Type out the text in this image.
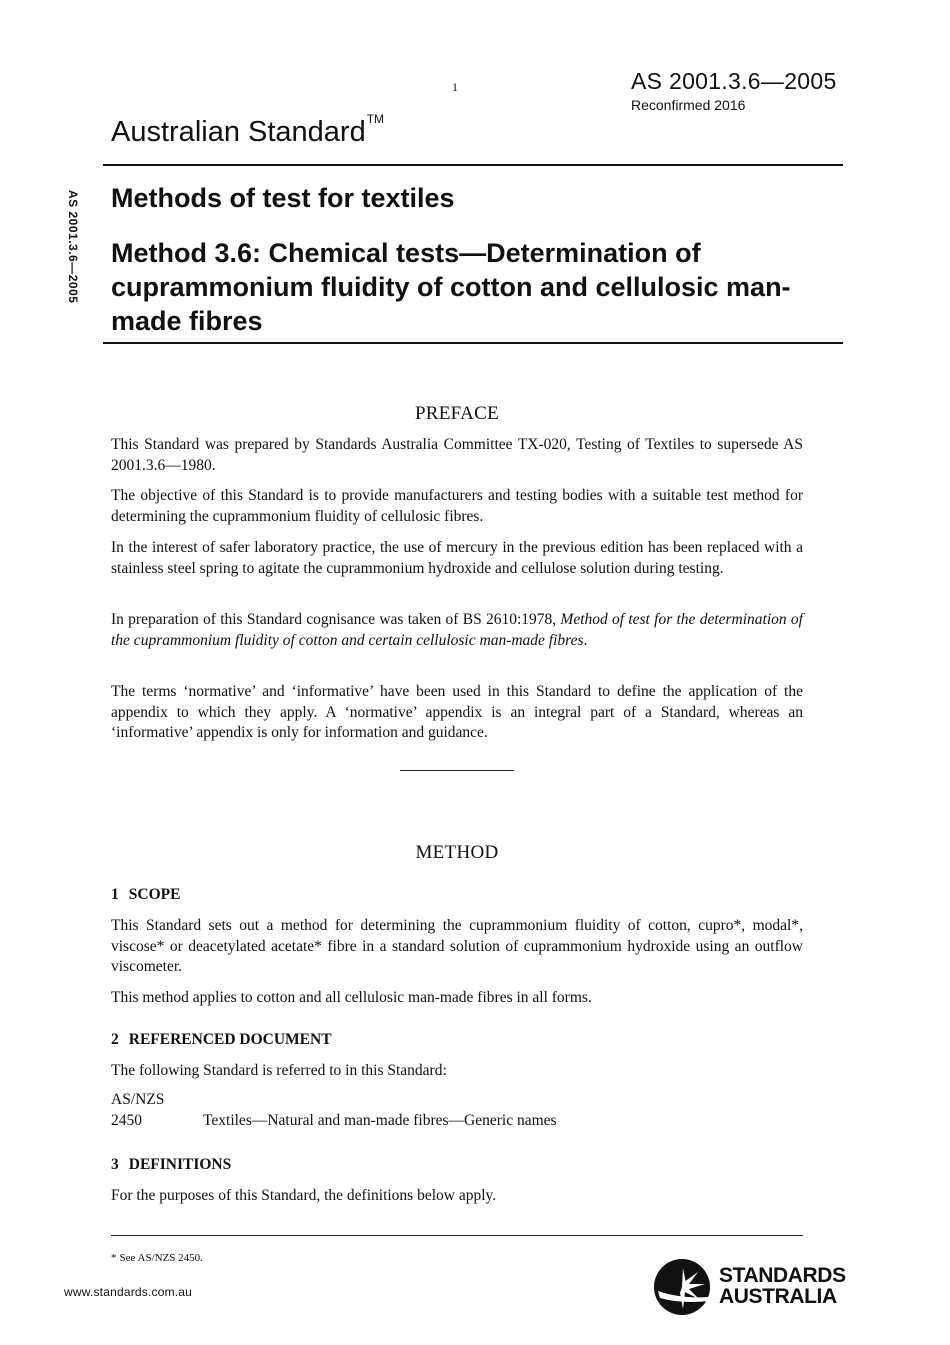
1	AS 2001.3.6—2005
Reconfirmed 2016
Australian Standard™
AS 2001.3.6—2005 Methods of test for textiles
Method 3.6: Chemical tests—Determination of cuprammonium fluidity of cotton and cellulosic man-made fibres
PREFACE
This Standard was prepared by Standards Australia Committee TX-020, Testing of Textiles to supersede AS 2001.3.6—1980.
The objective of this Standard is to provide manufacturers and testing bodies with a suitable test method for determining the cuprammonium fluidity of cellulosic fibres.
In the interest of safer laboratory practice, the use of mercury in the previous edition has been replaced with a stainless steel spring to agitate the cuprammonium hydroxide and cellulose solution during testing.
In preparation of this Standard cognisance was taken of BS 2610:1978, Method of test for the determination of the cuprammonium fluidity of cotton and certain cellulosic man-made fibres.
The terms ‘normative’ and ‘informative’ have been used in this Standard to define the application of the appendix to which they apply. A ‘normative’ appendix is an integral part of a Standard, whereas an ‘informative’ appendix is only for information and guidance.
METHOD
1 SCOPE
This Standard sets out a method for determining the cuprammonium fluidity of cotton, cupro*, modal*, viscose* or deacetylated acetate* fibre in a standard solution of cuprammonium hydroxide using an outflow viscometer.
This method applies to cotton and all cellulosic man-made fibres in all forms.
2 REFERENCED DOCUMENT
The following Standard is referred to in this Standard:
AS/NZS
2450	Textiles—Natural and man-made fibres—Generic names
3 DEFINITIONS
For the purposes of this Standard, the definitions below apply.
* See AS/NZS 2450.
www.standards.com.au
STANDARDS
AUSTRALIA
